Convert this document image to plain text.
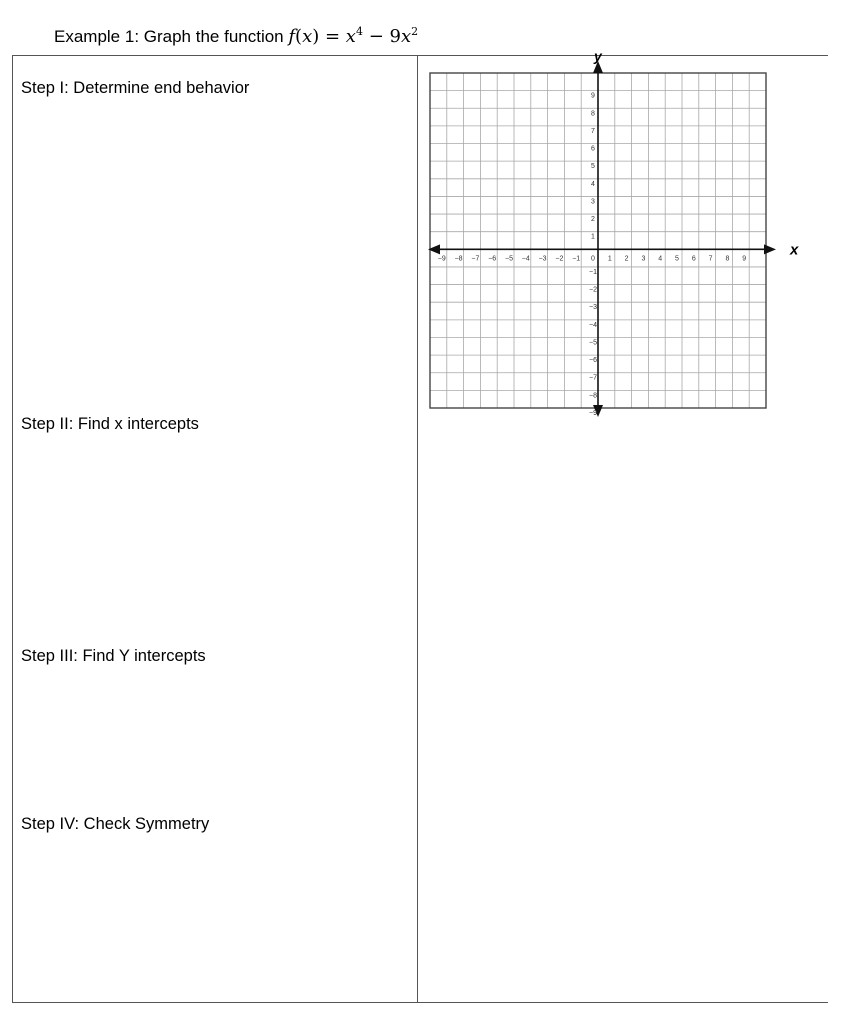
Example 1: Graph the function $f(x) = x^4 - 9x^2$
Step I: Determine end behavior
Step II: Find x intercepts
Step III: Find Y intercepts
Step IV: Check Symmetry
x
y
−9 −8 −7 −6 −5 −4 −3 −2 −1 0 1 2 3 4 5 6 7 8 9
9
8
7
6
5
4
3
2
1
−1
−2
−3
−4
−5
−6
−7
−8
−9
